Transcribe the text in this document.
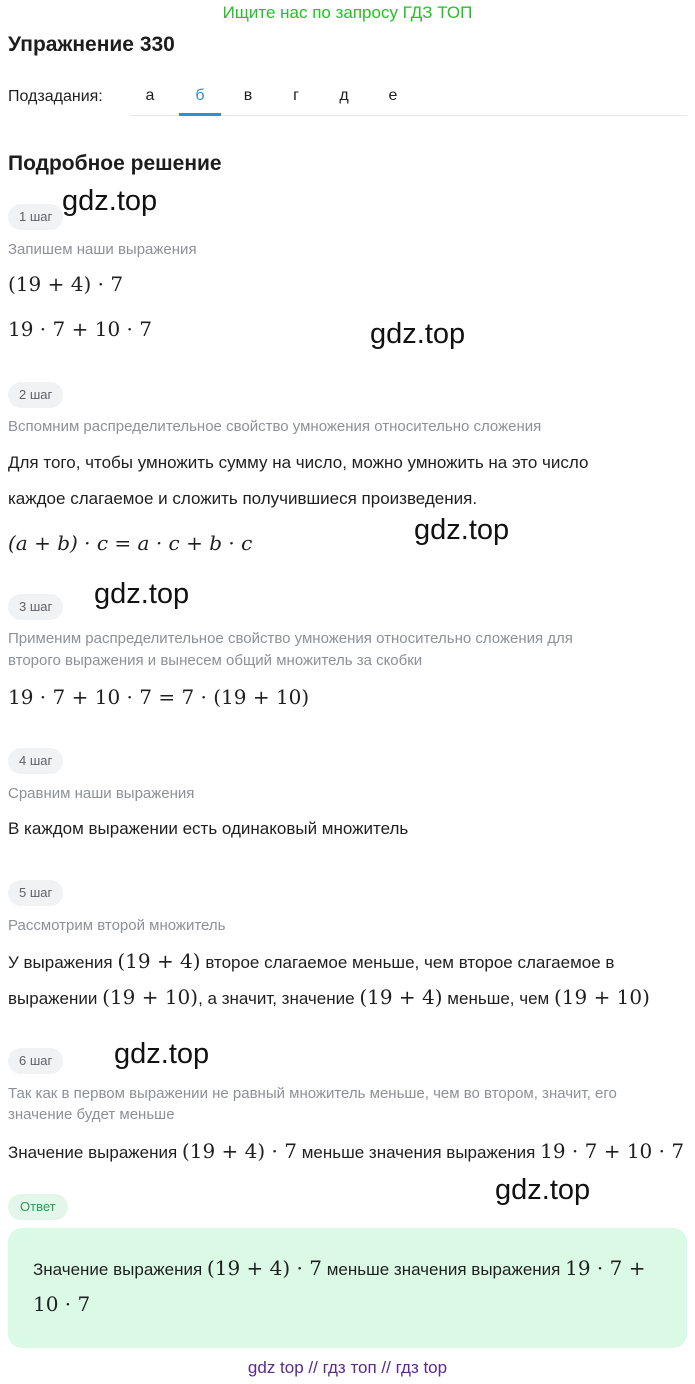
Ищите нас по запросу ГДЗ ТОП
Упражнение 330
Подзадания:	а	б	в	г	д	е
Подробное решение
1 шаг
Запишем наши выражения
(19 + 4) · 7
19 · 7 + 10 · 7
2 шаг
Вспомним распределительное свойство умножения относительно сложения
Для того, чтобы умножить сумму на число, можно умножить на это число
каждое слагаемое и сложить получившиеся произведения.
(a + b) · c = a · c + b · c
3 шаг
Применим распределительное свойство умножения относительно сложения для
второго выражения и вынесем общий множитель за скобки
19 · 7 + 10 · 7 = 7 · (19 + 10)
4 шаг
Сравним наши выражения
В каждом выражении есть одинаковый множитель
5 шаг
Рассмотрим второй множитель
У выражения (19 + 4) второе слагаемое меньше, чем второе слагаемое в
выражении (19 + 10), а значит, значение (19 + 4) меньше, чем (19 + 10)
6 шаг
Так как в первом выражении не равный множитель меньше, чем во втором, значит, его
значение будет меньше
Значение выражения (19 + 4) · 7 меньше значения выражения 19 · 7 + 10 · 7
Ответ
Значение выражения (19 + 4) · 7 меньше значения выражения 19 · 7 +
10 · 7
gdz.top
gdz.top
gdz.top
gdz.top
gdz.top
gdz.top
gdz top // гдз топ // гдз top
